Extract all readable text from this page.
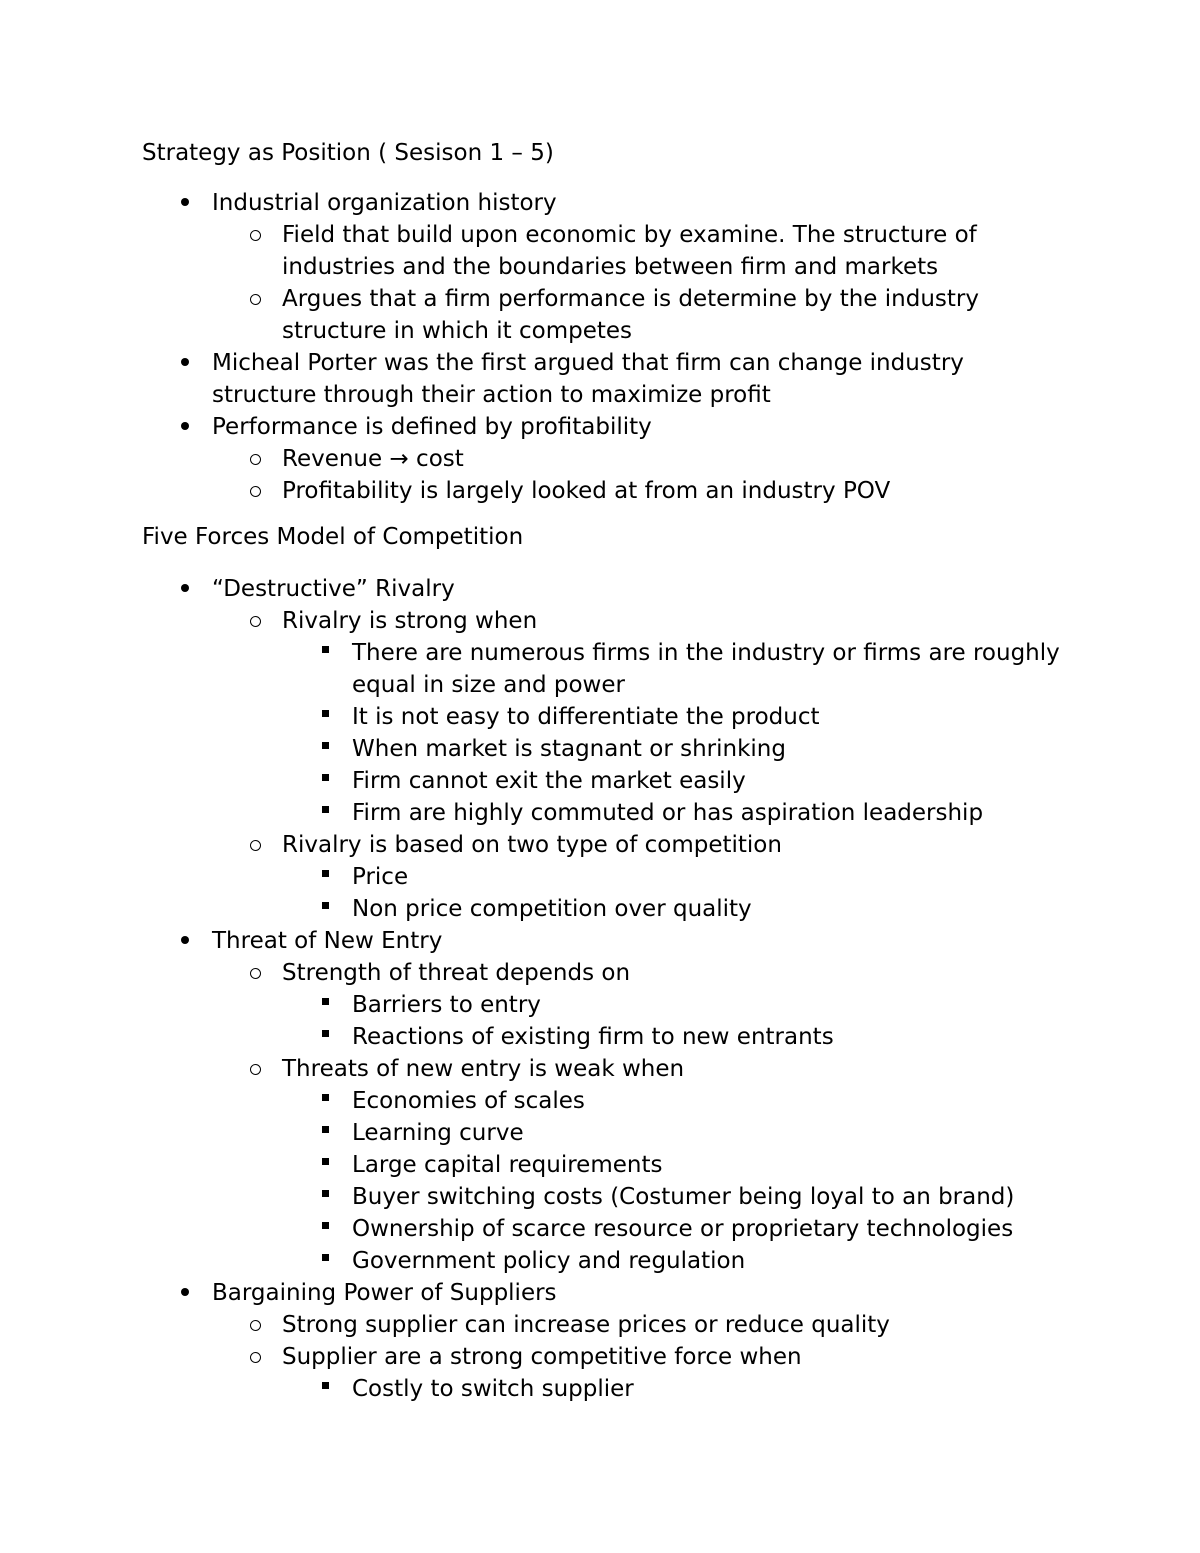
Strategy as Position ( Sesison 1 – 5)
Industrial organization history
Field that build upon economic by examine. The structure of industries and the boundaries between firm and markets
Argues that a firm performance is determine by the industry structure in which it competes
Micheal Porter was the first argued that firm can change industry structure through their action to maximize profit
Performance is defined by profitability
Revenue → cost
Profitability is largely looked at from an industry POV
Five Forces Model of Competition
“Destructive” Rivalry
Rivalry is strong when
There are numerous firms in the industry or firms are roughly equal in size and power
It is not easy to differentiate the product
When market is stagnant or shrinking
Firm cannot exit the market easily
Firm are highly commuted or has aspiration leadership
Rivalry is based on two type of competition
Price
Non price competition over quality
Threat of New Entry
Strength of threat depends on
Barriers to entry
Reactions of existing firm to new entrants
Threats of new entry is weak when
Economies of scales
Learning curve
Large capital requirements
Buyer switching costs (Costumer being loyal to an brand)
Ownership of scarce resource or proprietary technologies
Government policy and regulation
Bargaining Power of Suppliers
Strong supplier can increase prices or reduce quality
Supplier are a strong competitive force when
Costly to switch supplier
